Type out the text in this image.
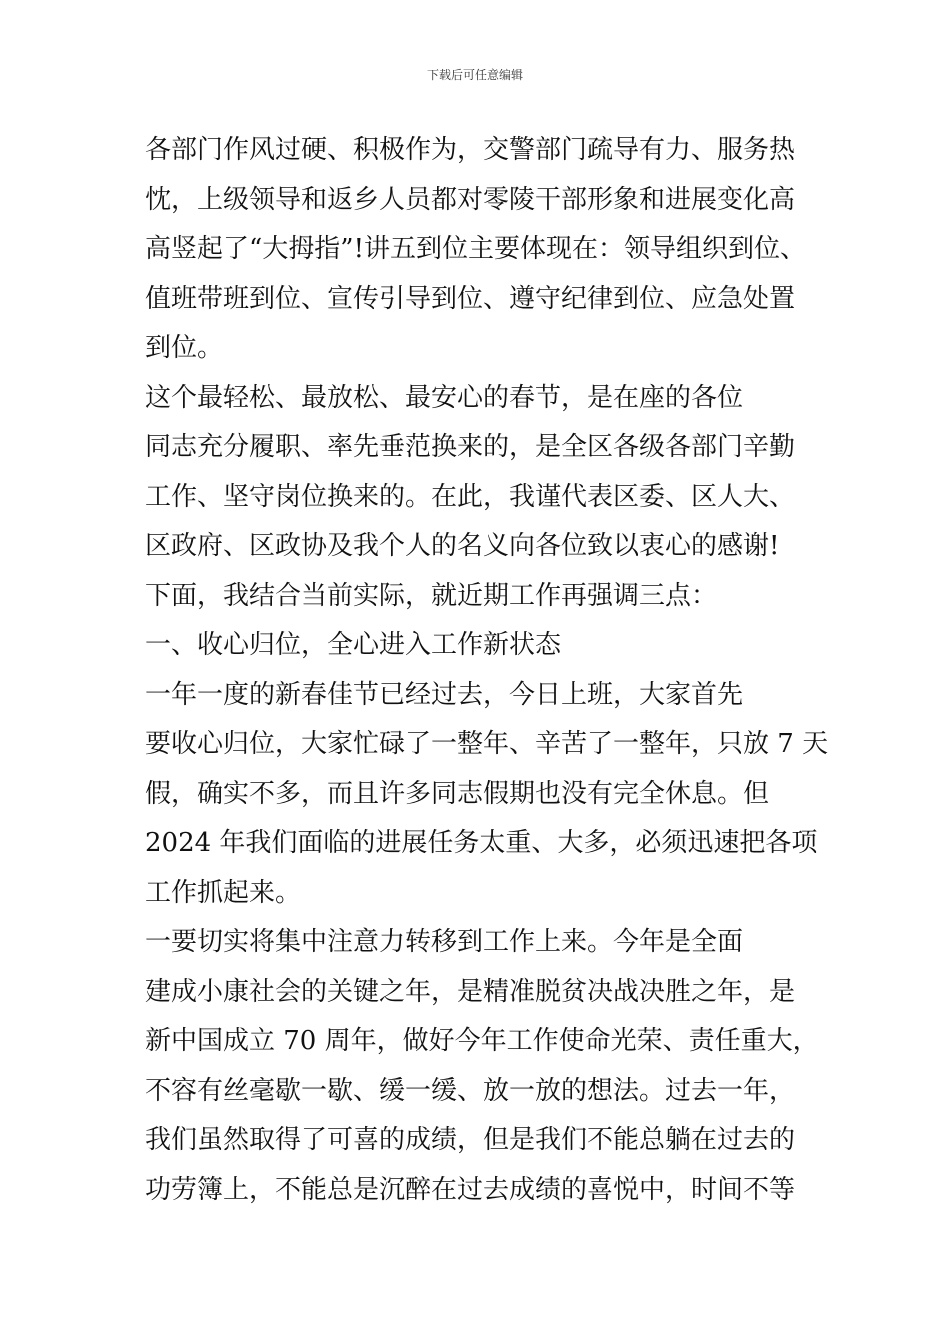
下载后可任意编辑
各部门作风过硬、积极作为，交警部门疏导有力、服务热
忱，上级领导和返乡人员都对零陵干部形象和进展变化高
高竖起了“大拇指”!讲五到位主要体现在：领导组织到位、
值班带班到位、宣传引导到位、遵守纪律到位、应急处置
到位。
这个最轻松、最放松、最安心的春节，是在座的各位
同志充分履职、率先垂范换来的，是全区各级各部门辛勤
工作、坚守岗位换来的。在此，我谨代表区委、区人大、
区政府、区政协及我个人的名义向各位致以衷心的感谢!
下面，我结合当前实际，就近期工作再强调三点：
一、收心归位，全心进入工作新状态
一年一度的新春佳节已经过去，今日上班，大家首先
要收心归位，大家忙碌了一整年、辛苦了一整年，只放 7 天
假，确实不多，而且许多同志假期也没有完全休息。但
2024 年我们面临的进展任务太重、大多，必须迅速把各项
工作抓起来。
一要切实将集中注意力转移到工作上来。今年是全面
建成小康社会的关键之年，是精准脱贫决战决胜之年，是
新中国成立 70 周年，做好今年工作使命光荣、责任重大，
不容有丝毫歇一歇、缓一缓、放一放的想法。过去一年，
我们虽然取得了可喜的成绩，但是我们不能总躺在过去的
功劳簿上，不能总是沉醉在过去成绩的喜悦中，时间不等
